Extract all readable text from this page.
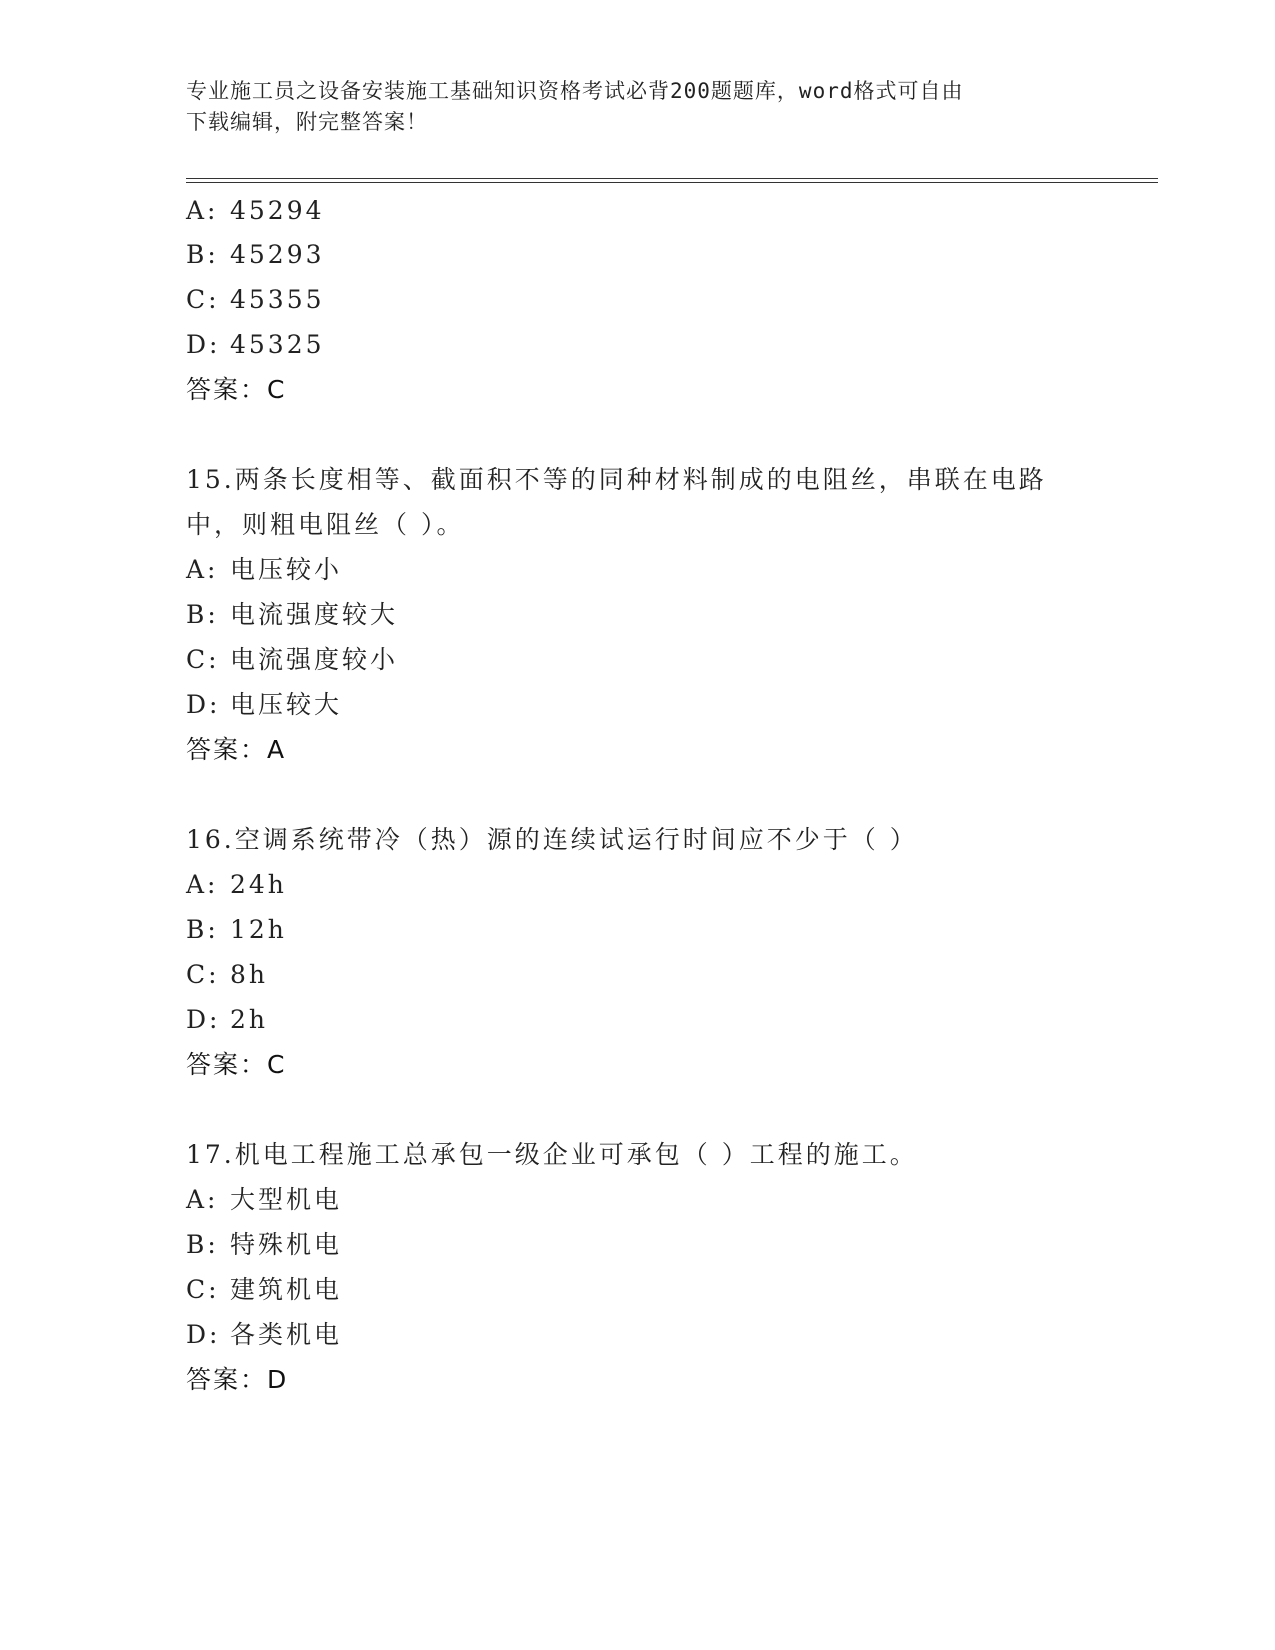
专业施工员之设备安装施工基础知识资格考试必背200题题库，word格式可自由
下载编辑，附完整答案！
A: 45294
B: 45293
C: 45355
D: 45325
答案：C
15.两条长度相等、截面积不等的同种材料制成的电阻丝，串联在电路
中，则粗电阻丝（ ）。
A: 电压较小
B: 电流强度较大
C: 电流强度较小
D: 电压较大
答案：A
16.空调系统带冷（热）源的连续试运行时间应不少于（ ）
A: 24h
B: 12h
C: 8h
D: 2h
答案：C
17.机电工程施工总承包一级企业可承包（ ）工程的施工。
A: 大型机电
B: 特殊机电
C: 建筑机电
D: 各类机电
答案：D
